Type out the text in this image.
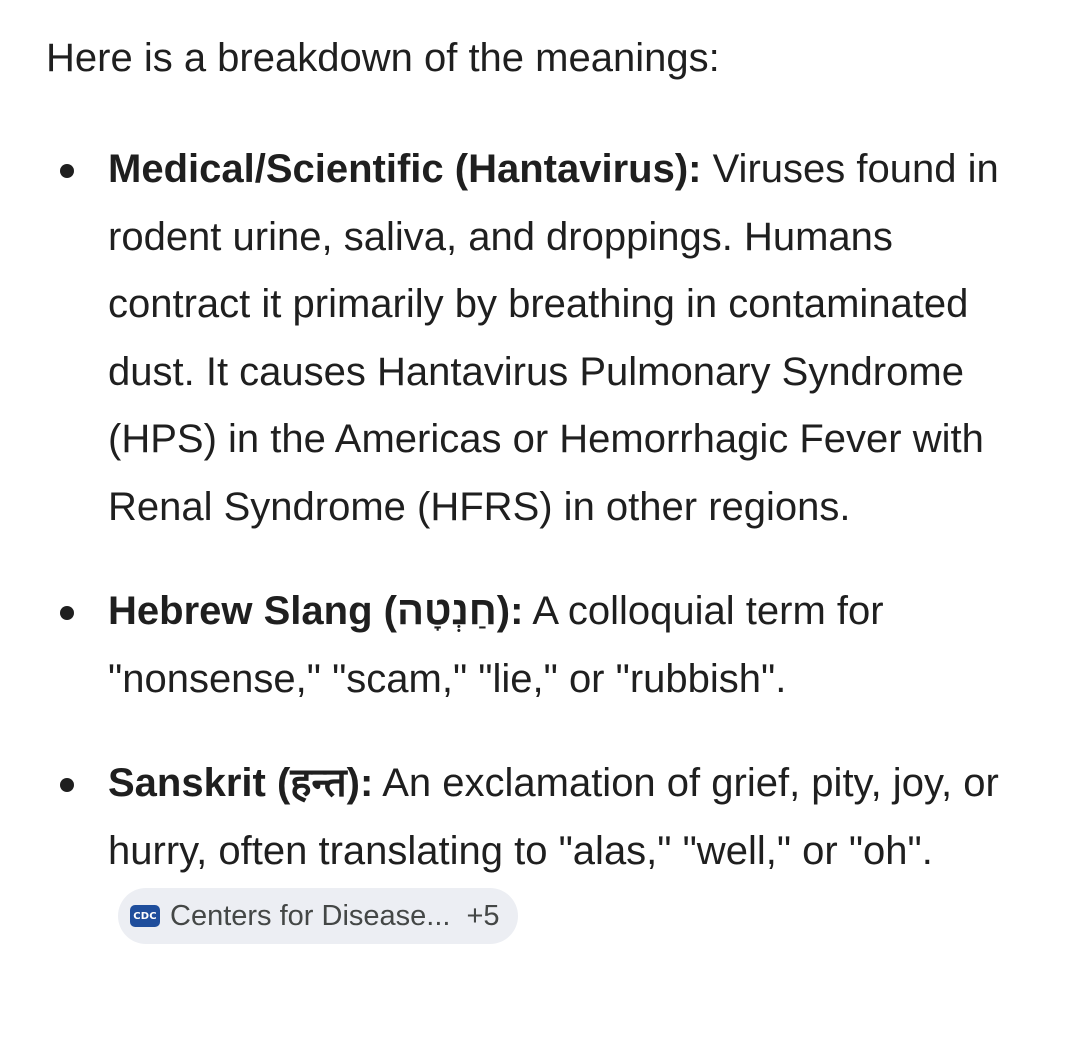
Here is a breakdown of the meanings:

Medical/Scientific (Hantavirus): Viruses found in rodent urine, saliva, and droppings. Humans contract it primarily by breathing in contaminated dust. It causes Hantavirus Pulmonary Syndrome (HPS) in the Americas or Hemorrhagic Fever with Renal Syndrome (HFRS) in other regions.
Hebrew Slang (חַנְטָה): A colloquial term for "nonsense," "scam," "lie," or "rubbish".
Sanskrit (हन्त): An exclamation of grief, pity, joy, or hurry, often translating to "alas," "well," or "oh".
CDC Centers for Disease... +5
